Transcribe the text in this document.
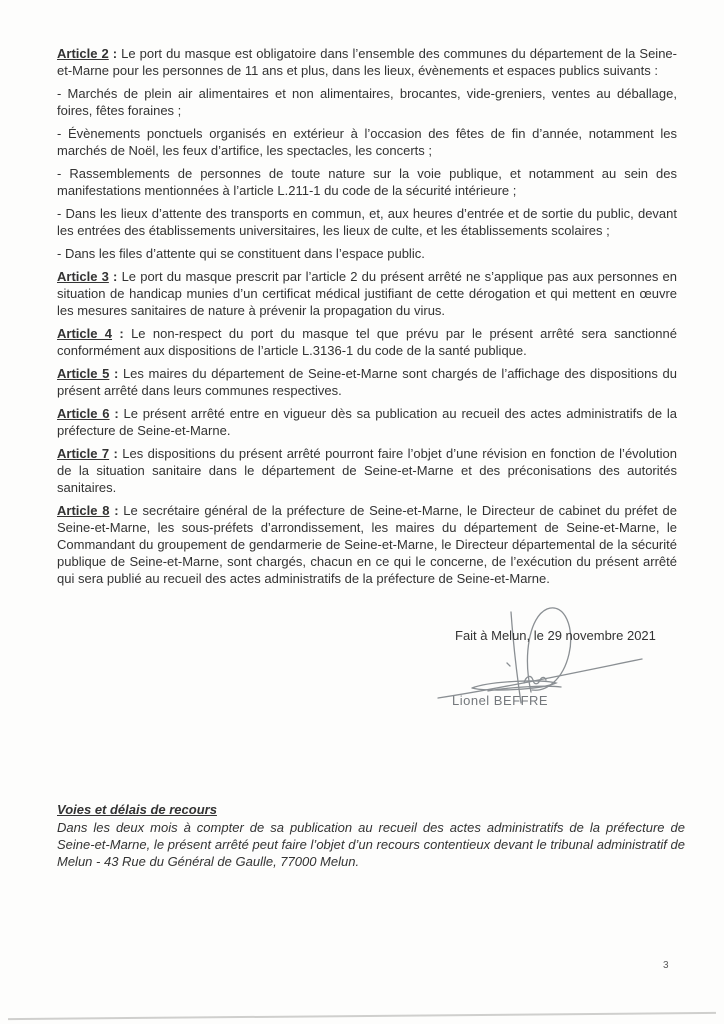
Article 2 : Le port du masque est obligatoire dans l’ensemble des communes du département de la Seine-et-Marne pour les personnes de 11 ans et plus, dans les lieux, évènements et espaces publics suivants :

- Marchés de plein air alimentaires et non alimentaires, brocantes, vide-greniers, ventes au déballage, foires, fêtes foraines ;

- Évènements ponctuels organisés en extérieur à l’occasion des fêtes de fin d’année, notamment les marchés de Noël, les feux d’artifice, les spectacles, les concerts ;

- Rassemblements de personnes de toute nature sur la voie publique, et notamment au sein des manifestations mentionnées à l’article L.211-1 du code de la sécurité intérieure ;

- Dans les lieux d’attente des transports en commun, et, aux heures d’entrée et de sortie du public, devant les entrées des établissements universitaires, les lieux de culte, et les établissements scolaires ;

- Dans les files d’attente qui se constituent dans l’espace public.

Article 3 : Le port du masque prescrit par l’article 2 du présent arrêté ne s’applique pas aux personnes en situation de handicap munies d’un certificat médical justifiant de cette dérogation et qui mettent en œuvre les mesures sanitaires de nature à prévenir la propagation du virus.

Article 4 : Le non-respect du port du masque tel que prévu par le présent arrêté sera sanctionné conformément aux dispositions de l’article L.3136-1 du code de la santé publique.

Article 5 : Les maires du département de Seine-et-Marne sont chargés de l’affichage des dispositions du présent arrêté dans leurs communes respectives.

Article 6 : Le présent arrêté entre en vigueur dès sa publication au recueil des actes administratifs de la préfecture de Seine-et-Marne.

Article 7 : Les dispositions du présent arrêté pourront faire l’objet d’une révision en fonction de l’évolution de la situation sanitaire dans le département de Seine-et-Marne et des préconisations des autorités sanitaires.

Article 8 : Le secrétaire général de la préfecture de Seine-et-Marne, le Directeur de cabinet du préfet de Seine-et-Marne, les sous-préfets d’arrondissement, les maires du département de Seine-et-Marne, le Commandant du groupement de gendarmerie de Seine-et-Marne, le Directeur départemental de la sécurité publique de Seine-et-Marne, sont chargés, chacun en ce qui le concerne, de l’exécution du présent arrêté qui sera publié au recueil des actes administratifs de la préfecture de Seine-et-Marne.

Fait à Melun, le 29 novembre 2021
Lionel BEFFRE

Voies et délais de recours

Dans les deux mois à compter de sa publication au recueil des actes administratifs de la préfecture de Seine-et-Marne, le présent arrêté peut faire l’objet d’un recours contentieux devant le tribunal administratif de Melun - 43 Rue du Général de Gaulle, 77000 Melun.

3
